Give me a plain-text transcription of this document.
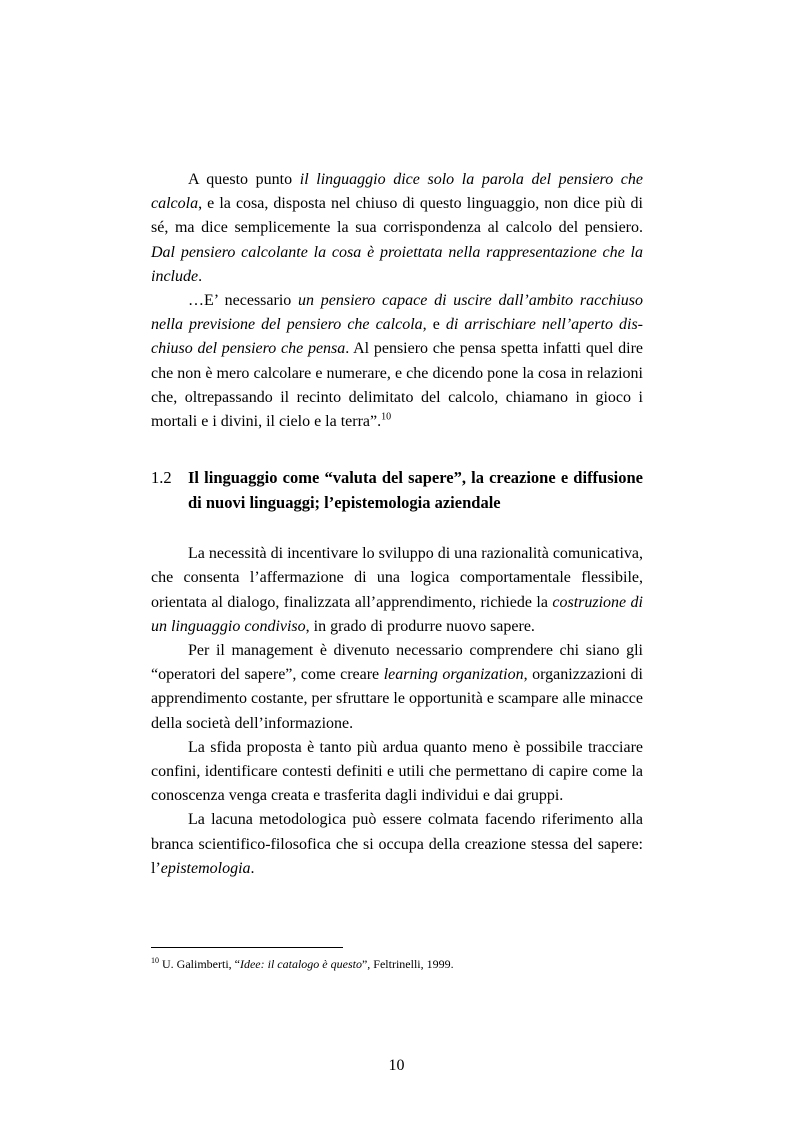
A questo punto il linguaggio dice solo la parola del pensiero che calcola, e la cosa, disposta nel chiuso di questo linguaggio, non dice più di sé, ma dice semplicemente la sua corrispondenza al calcolo del pensiero. Dal pensiero calcolante la cosa è proiettata nella rappresentazione che la include.

…E’ necessario un pensiero capace di uscire dall’ambito racchiuso nella previsione del pensiero che calcola, e di arrischiare nell’aperto dis-chiuso del pensiero che pensa. Al pensiero che pensa spetta infatti quel dire che non è mero calcolare e numerare, e che dicendo pone la cosa in relazioni che, oltrepassando il recinto delimitato del calcolo, chiamano in gioco i mortali e i divini, il cielo e la terra”.$^{10}$

1.2 Il linguaggio come “valuta del sapere”, la creazione e diffusione di nuovi linguaggi; l’epistemologia aziendale

La necessità di incentivare lo sviluppo di una razionalità comunicativa, che consenta l’affermazione di una logica comportamentale flessibile, orientata al dialogo, finalizzata all’apprendimento, richiede la costruzione di un linguaggio condiviso, in grado di produrre nuovo sapere.

Per il management è divenuto necessario comprendere chi siano gli “operatori del sapere”, come creare learning organization, organizzazioni di apprendimento costante, per sfruttare le opportunità e scampare alle minacce della società dell’informazione.

La sfida proposta è tanto più ardua quanto meno è possibile tracciare confini, identificare contesti definiti e utili che permettano di capire come la conoscenza venga creata e trasferita dagli individui e dai gruppi.

La lacuna metodologica può essere colmata facendo riferimento alla branca scientifico-filosofica che si occupa della creazione stessa del sapere: l’epistemologia.

$^{10}$ U. Galimberti, “Idee: il catalogo è questo”, Feltrinelli, 1999.
10
